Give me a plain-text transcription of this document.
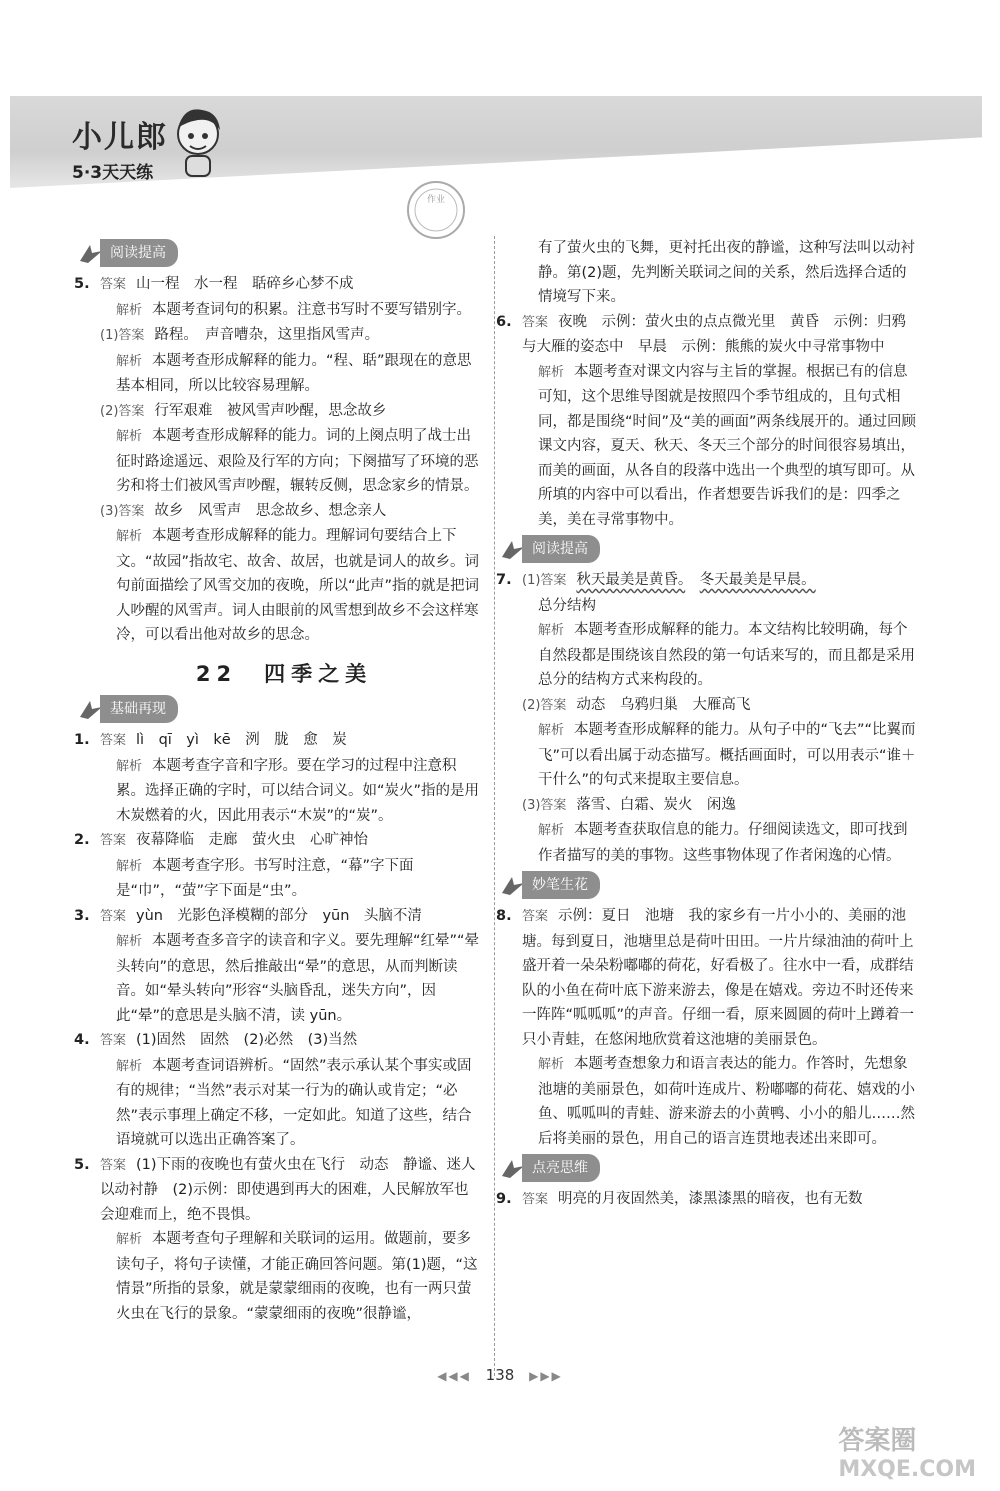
小儿郎
5·3天天练
作业
阅读提高
5. 答案 山一程　水一程　聒碎乡心梦不成
解析 本题考查词句的积累。注意书写时不要写错别字。
(1)答案 路程。　声音嘈杂，这里指风雪声。
解析 本题考查形成解释的能力。“程、聒”跟现在的意思基本相同，所以比较容易理解。
(2)答案 行军艰难　被风雪声吵醒，思念故乡
解析 本题考查形成解释的能力。词的上阕点明了战士出征时路途遥远、艰险及行军的方向；下阕描写了环境的恶劣和将士们被风雪声吵醒，辗转反侧，思念家乡的情景。
(3)答案 故乡　风雪声　思念故乡、想念亲人
解析 本题考查形成解释的能力。理解词句要结合上下文。“故园”指故宅、故舍、故居，也就是词人的故乡。词句前面描绘了风雪交加的夜晚，所以“此声”指的就是把词人吵醒的风雪声。词人由眼前的风雪想到故乡不会这样寒冷，可以看出他对故乡的思念。
22　四季之美
基础再现
1. 答案 lì　qī　yì　kē　洌　胧　愈　炭
解析 本题考查字音和字形。要在学习的过程中注意积累。选择正确的字时，可以结合词义。如“炭火”指的是用木炭燃着的火，因此用表示“木炭”的“炭”。
2. 答案 夜幕降临　走廊　萤火虫　心旷神怡
解析 本题考查字形。书写时注意，“幕”字下面是“巾”，“萤”字下面是“虫”。
3. 答案 yùn　光影色泽模糊的部分　yūn　头脑不清
解析 本题考查多音字的读音和字义。要先理解“红晕”“晕头转向”的意思，然后推敲出“晕”的意思，从而判断读音。如“晕头转向”形容“头脑昏乱，迷失方向”，因此“晕”的意思是头脑不清，读 yūn。
4. 答案 (1)固然　固然　(2)必然　(3)当然
解析 本题考查词语辨析。“固然”表示承认某个事实或固有的规律；“当然”表示对某一行为的确认或肯定；“必然”表示事理上确定不移，一定如此。知道了这些，结合语境就可以选出正确答案了。
5. 答案 (1)下雨的夜晚也有萤火虫在飞行　动态　静谧、迷人　以动衬静　(2)示例：即使遇到再大的困难，人民解放军也会迎难而上，绝不畏惧。
解析 本题考查句子理解和关联词的运用。做题前，要多读句子，将句子读懂，才能正确回答问题。第(1)题，“这情景”所指的景象，就是蒙蒙细雨的夜晚，也有一两只萤火虫在飞行的景象。“蒙蒙细雨的夜晚”很静谧，
有了萤火虫的飞舞，更衬托出夜的静谧，这种写法叫以动衬静。第(2)题，先判断关联词之间的关系，然后选择合适的情境写下来。
6. 答案 夜晚　示例：萤火虫的点点微光里　黄昏　示例：归鸦与大雁的姿态中　早晨　示例：熊熊的炭火中寻常事物中
解析 本题考查对课文内容与主旨的掌握。根据已有的信息可知，这个思维导图就是按照四个季节组成的，且句式相同，都是围绕“时间”及“美的画面”两条线展开的。通过回顾课文内容，夏天、秋天、冬天三个部分的时间很容易填出，而美的画面，从各自的段落中选出一个典型的填写即可。从所填的内容中可以看出，作者想要告诉我们的是：四季之美，美在寻常事物中。
阅读提高
7. (1)答案 秋天最美是黄昏。　 冬天最美是早晨。
总分结构
解析 本题考查形成解释的能力。本文结构比较明确，每个自然段都是围绕该自然段的第一句话来写的，而且都是采用总分的结构方式来构段的。
(2)答案 动态　乌鸦归巢　大雁高飞
解析 本题考查形成解释的能力。从句子中的“飞去”“比翼而飞”可以看出属于动态描写。概括画面时，可以用表示“谁＋干什么”的句式来提取主要信息。
(3)答案 落雪、白霜、炭火　闲逸
解析 本题考查获取信息的能力。仔细阅读选文，即可找到作者描写的美的事物。这些事物体现了作者闲逸的心情。
妙笔生花
8. 答案 示例：夏日　池塘　我的家乡有一片小小的、美丽的池塘。每到夏日，池塘里总是荷叶田田。一片片绿油油的荷叶上盛开着一朵朵粉嘟嘟的荷花，好看极了。往水中一看，成群结队的小鱼在荷叶底下游来游去，像是在嬉戏。旁边不时还传来一阵阵“呱呱呱”的声音。仔细一看，原来圆圆的荷叶上蹲着一只小青蛙，在悠闲地欣赏着这池塘的美丽景色。
解析 本题考查想象力和语言表达的能力。作答时，先想象池塘的美丽景色，如荷叶连成片、粉嘟嘟的荷花、嬉戏的小鱼、呱呱叫的青蛙、游来游去的小黄鸭、小小的船儿……然后将美丽的景色，用自己的语言连贯地表述出来即可。
点亮思维
9. 答案 明亮的月夜固然美，漆黑漆黑的暗夜，也有无数
◀◀◀ 138 ▶▶▶
答案圈
MXQE.COM
